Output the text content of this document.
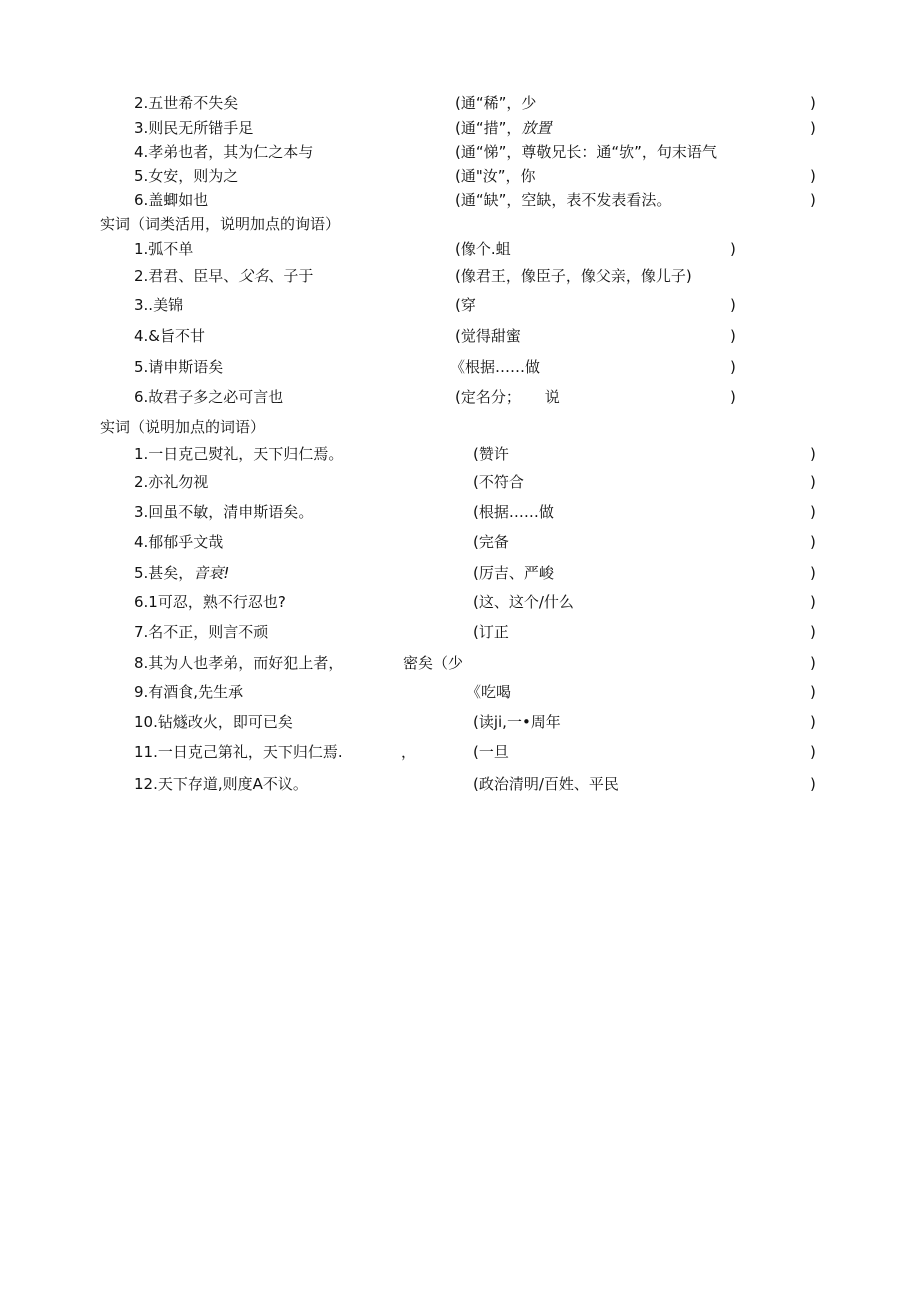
2.五世希不失矣	(通“稀”，少	)
3.则民无所错手足	(通“措”，放置	)
4.孝弟也者，其为仁之本与	(通“悌”，尊敬兄长：通“欤”，句末语气
5.女安，则为之	(通"汝”，你	)
6.盖蝍如也	(通“缺”，空缺，表不发表看法。	)
实词（词类活用，说明加点的询语）
1.弧不单	(像个.蛆	)
2.君君、臣早、父名、子于	(像君王，像臣子，像父亲，像儿子)
3..美锦	(穿	)
4.&旨不甘	(觉得甜蜜	)
5.请申斯语矣	《根据……做	)
6.故君子多之必可言也	(定名分；     说	)
实词（说明加点的词语）
1.一日克己熨礼，天下归仁焉。	(赞许	)
2.亦礼勿视	(不符合	)
3.回虽不敏，清申斯语矣。	(根据……做	)
4.郁郁乎文哉	(完备	)
5.甚矣，音衰!	(厉吉、严峻	)
6.1可忍，熟不行忍也?	(这、这个/什么	)
7.名不正，则言不顽	(订正	)
8.其为人也孝弟，而好犯上者，	密矣（少	)
9.有酒食,先生承	《吃喝	)
10.钻燧改火，即可已矣	(读ji,一•周年	)
11.一日克己第礼，天下归仁焉.	，	(一旦	)
12.天下存道,则度A不议。	(政治清明/百姓、平民	)
